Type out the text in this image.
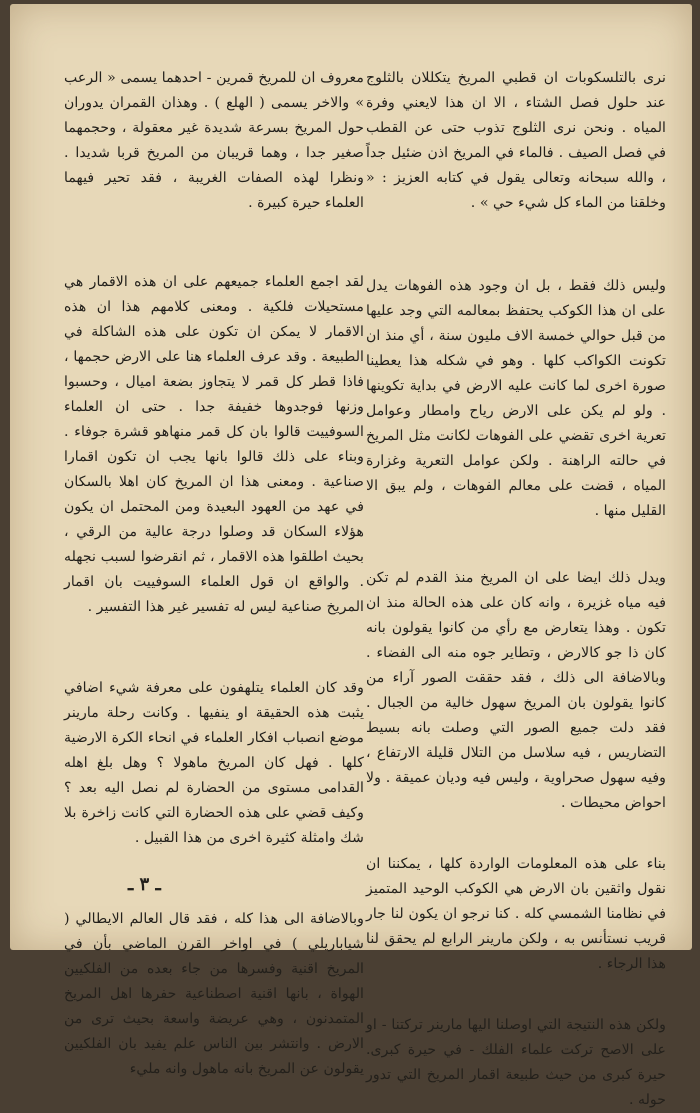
نرى بالتلسكوبات ان قطبي المريخ يتكللان بالثلوج عند حلول فصل الشتاء ، الا ان هذا لايعني وفرة المياه . ونحن نرى الثلوج تذوب حتى عن القطب في فصل الصيف . فالماء في المريخ اذن ضئيل جداً ، والله سبحانه وتعالى يقول في كتابه العزيز : « وخلقنا من الماء كل شيء حي » .

وليس ذلك فقط ، بل ان وجود هذه الفوهات يدل على ان هذا الكوكب يحتفظ بمعالمه التي وجد عليها من قبل حوالي خمسة الاف مليون سنة ، أي منذ ان تكونت الكواكب كلها . وهو في شكله هذا يعطينا صورة اخرى لما كانت عليه الارض في بداية تكوينها . ولو لم يكن على الارض رياح وامطار وعوامل تعرية اخرى تقضي على الفوهات لكانت مثل المريخ في حالته الراهنة . ولكن عوامل التعرية وغزارة المياه ، قضت على معالم الفوهات ، ولم يبق الا القليل منها .

ويدل ذلك ايضا على ان المريخ منذ القدم لم تكن فيه مياه غزيرة ، وانه كان على هذه الحالة منذ ان تكون . وهذا يتعارض مع رأي من كانوا يقولون بانه كان ذا جو كالارض ، وتطاير جوه منه الى الفضاء . وبالاضافة الى ذلك ، فقد حققت الصور آراء من كانوا يقولون بان المريخ سهول خالية من الجبال . فقد دلت جميع الصور التي وصلت بانه بسيط التضاريس ، فيه سلاسل من التلال قليلة الارتفاع ، وفيه سهول صحراوية ، وليس فيه وديان عميقة . ولا احواض محيطات .

بناء على هذه المعلومات الواردة كلها ، يمكننا ان نقول واثقين بان الارض هي الكوكب الوحيد المتميز في نظامنا الشمسي كله . كنا نرجو ان يكون لنا جار قريب نستأنس به ، ولكن مارينر الرابع لم يحقق لنا هذا الرجاء .

ولكن هذه النتيجة التي اوصلنا اليها مارينر تركتنا - او على الاصح تركت علماء الفلك - في حيرة كبرى. حيرة كبرى من حيث طبيعة اقمار المريخ التي تدور حوله .

معروف ان للمريخ قمرين - احدهما يسمى « الرعب » والاخر يسمى ( الهلع ) . وهذان القمران يدوران حول المريخ بسرعة شديدة غير معقولة ، وحجمهما صغير جدا ، وهما قريبان من المريخ قربا شديدا . ونظرا لهذه الصفات الغريبة ، فقد تحير فيهما العلماء حيرة كبيرة .

لقد اجمع العلماء جميعهم على ان هذه الاقمار هي مستحيلات فلكية . ومعنى كلامهم هذا ان هذه الاقمار لا يمكن ان تكون على هذه الشاكلة في الطبيعة . وقد عرف العلماء هنا على الارض حجمها ، فاذا قطر كل قمر لا يتجاوز بضعة اميال ، وحسبوا وزنها فوجدوها خفيفة جدا . حتى ان العلماء السوفييت قالوا بان كل قمر منهاهو قشرة جوفاء . وبناء على ذلك قالوا بانها يجب ان تكون اقمارا صناعية . ومعنى هذا ان المريخ كان اهلا بالسكان في عهد من العهود البعيدة ومن المحتمل ان يكون هؤلاء السكان قد وصلوا درجة عالية من الرقي ، بحيث اطلقوا هذه الاقمار ، ثم انقرضوا لسبب نجهله . والواقع ان قول العلماء السوفييت بان اقمار المريخ صناعية ليس له تفسير غير هذا التفسير .

وقد كان العلماء يتلهفون على معرفة شيء اضافي يثبت هذه الحقيقة او ينفيها . وكانت رحلة مارينر موضع انصباب افكار العلماء في انحاء الكرة الارضية كلها . فهل كان المريخ ماهولا ؟ وهل بلغ اهله القدامى مستوى من الحضارة لم نصل اليه بعد ؟ وكيف قضي على هذه الحضارة التي كانت زاخرة بلا شك وامثلة كثيرة اخرى من هذا القبيل .

وبالاضافة الى هذا كله ، فقد قال العالم الايطالي ( شياباريلي ) في اواخر القرن الماضي بأن في المريخ اقنية وفسرها من جاء بعده من الفلكيين الهواة ، بانها اقنية اصطناعية حفرها اهل المريخ المتمدنون ، وهي عريضة واسعة بحيث ترى من الارض . وانتشر بين الناس علم يفيد بان الفلكيين يقولون عن المريخ بانه ماهول وانه مليء

ـ ٣ ـ
